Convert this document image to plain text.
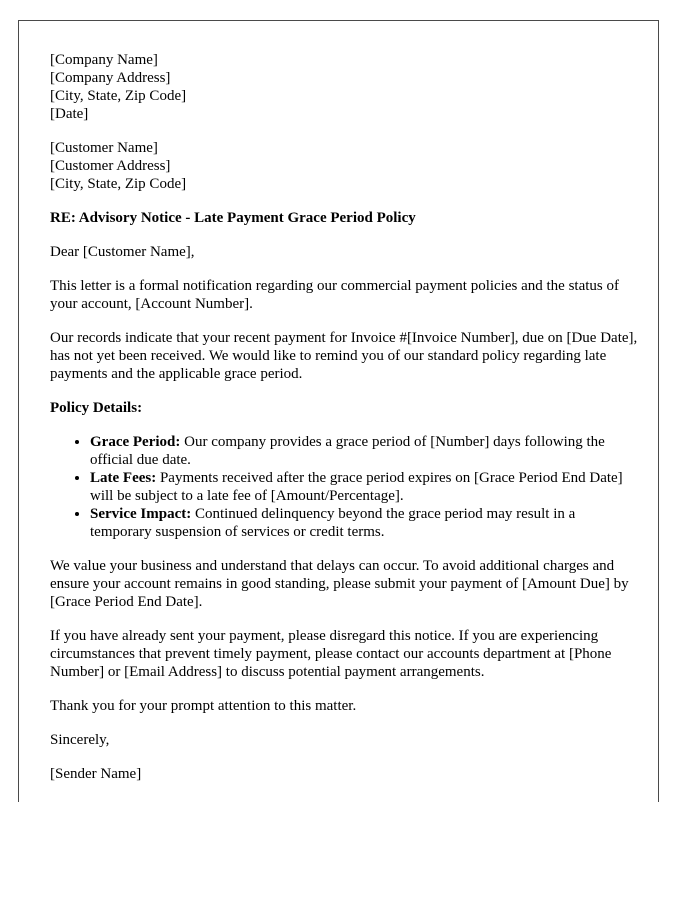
[Company Name]
[Company Address]
[City, State, Zip Code]
[Date]
[Customer Name]
[Customer Address]
[City, State, Zip Code]

RE: Advisory Notice - Late Payment Grace Period Policy

Dear [Customer Name],

This letter is a formal notification regarding our commercial payment policies and the status of your account, [Account Number].

Our records indicate that your recent payment for Invoice #[Invoice Number], due on [Due Date], has not yet been received. We would like to remind you of our standard policy regarding late payments and the applicable grace period.

Policy Details:

• Grace Period: Our company provides a grace period of [Number] days following the official due date.
• Late Fees: Payments received after the grace period expires on [Grace Period End Date] will be subject to a late fee of [Amount/Percentage].
• Service Impact: Continued delinquency beyond the grace period may result in a temporary suspension of services or credit terms.

We value your business and understand that delays can occur. To avoid additional charges and ensure your account remains in good standing, please submit your payment of [Amount Due] by [Grace Period End Date].

If you have already sent your payment, please disregard this notice. If you are experiencing circumstances that prevent timely payment, please contact our accounts department at [Phone Number] or [Email Address] to discuss potential payment arrangements.

Thank you for your prompt attention to this matter.

Sincerely,

[Sender Name]
